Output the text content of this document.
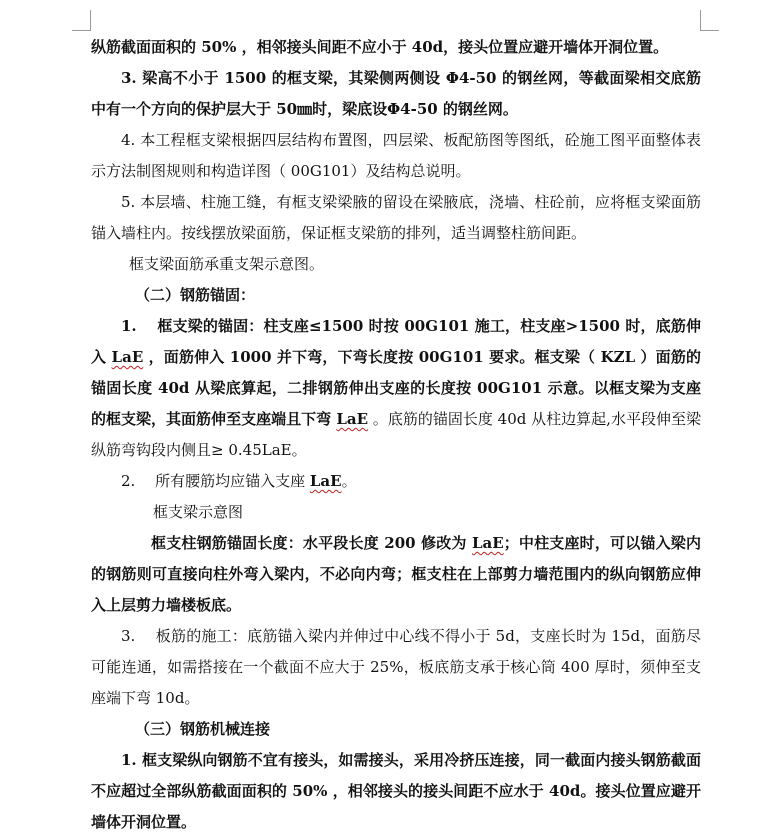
纵筋截面面积的 50% ，相邻接头间距不应小于 40d，接头位置应避开墙体开洞位置。

3. 梁高不小于 1500 的框支梁，其梁侧两侧设 Φ4-50 的钢丝网，等截面梁相交底筋中有一个方向的保护层大于 50㎜时，梁底设Φ4-50 的钢丝网。

4. 本工程框支梁根据四层结构布置图，四层梁、板配筋图等图纸，砼施工图平面整体表示方法制图规则和构造详图（ 00G101）及结构总说明。

5. 本层墙、柱施工缝，有框支梁梁腋的留设在梁腋底，浇墙、柱砼前，应将框支梁面筋锚入墙柱内。按线摆放梁面筋，保证框支梁筋的排列，适当调整柱筋间距。

框支梁面筋承重支架示意图。

（二）钢筋锚固：

1.　 框支梁的锚固：柱支座≤1500 时按 00G101 施工，柱支座>1500 时，底筋伸入 LaE ，面筋伸入 1000 并下弯，下弯长度按 00G101 要求。框支梁（ KZL ）面筋的锚固长度 40d 从梁底算起，二排钢筋伸出支座的长度按 00G101 示意。以框支梁为支座的框支梁，其面筋伸至支座端且下弯 LaE 。底筋的锚固长度 40d 从柱边算起,水平段伸至梁纵筋弯钩段内侧且≥ 0.45LaE。

2.　 所有腰筋均应锚入支座 LaE。

框支梁示意图

框支柱钢筋锚固长度：水平段长度 200 修改为 LaE；中柱支座时，可以锚入梁内的钢筋则可直接向柱外弯入梁内，不必向内弯；框支柱在上部剪力墙范围内的纵向钢筋应伸入上层剪力墙楼板底。

3.　 板筋的施工：底筋锚入梁内并伸过中心线不得小于 5d，支座长时为 15d，面筋尽可能连通，如需搭接在一个截面不应大于 25%，板底筋支承于核心筒 400 厚时，须伸至支座端下弯 10d。

（三）钢筋机械连接

1. 框支梁纵向钢筋不宜有接头，如需接头，采用冷挤压连接，同一截面内接头钢筋截面不应超过全部纵筋截面面积的 50% ，相邻接头的接头间距不应水于 40d。接头位置应避开墙体开洞位置。
